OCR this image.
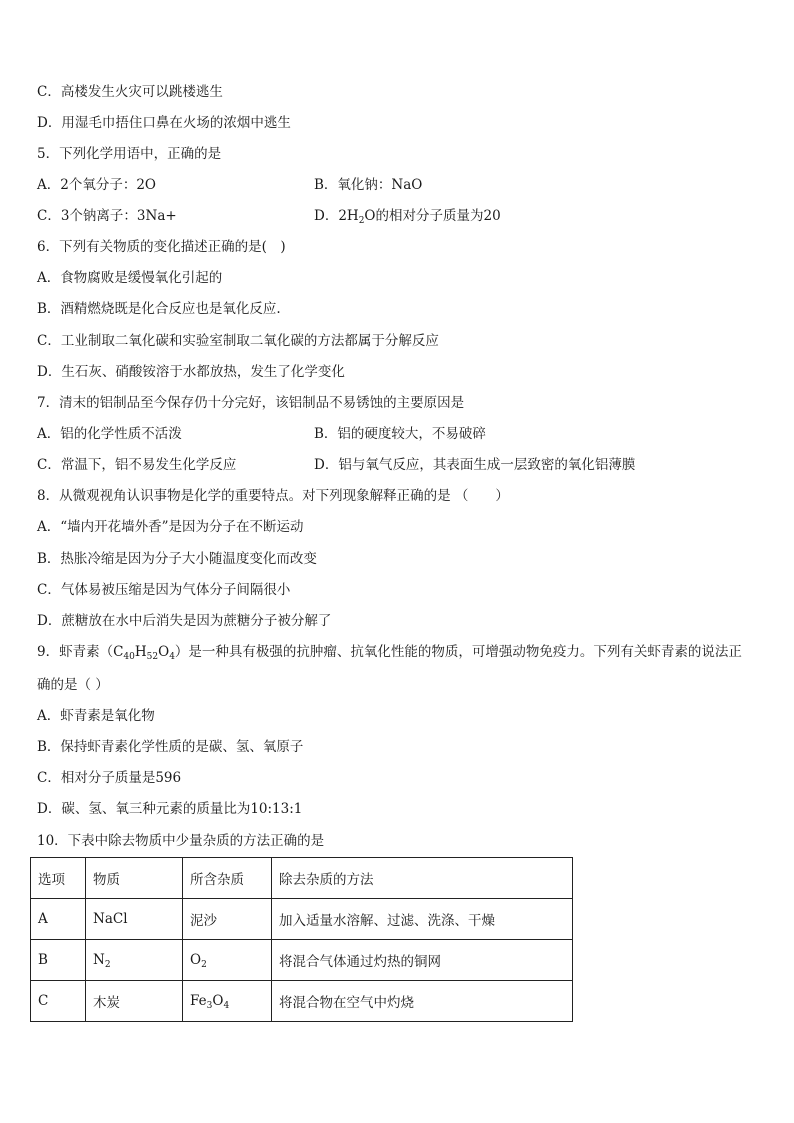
C．高楼发生火灾可以跳楼逃生
D．用湿毛巾捂住口鼻在火场的浓烟中逃生
5．下列化学用语中，正确的是
A．2个氧分子：2O	B．氧化钠：NaO
C．3个钠离子：3Na+	D．$2H_2O$的相对分子质量为20
6．下列有关物质的变化描述正确的是(　)
A．食物腐败是缓慢氧化引起的
B．酒精燃烧既是化合反应也是氧化反应.
C．工业制取二氧化碳和实验室制取二氧化碳的方法都属于分解反应
D．生石灰、硝酸铵溶于水都放热，发生了化学变化
7．清末的铝制品至今保存仍十分完好，该铝制品不易锈蚀的主要原因是
A．铝的化学性质不活泼	B．铝的硬度较大，不易破碎
C．常温下，铝不易发生化学反应	D．铝与氧气反应，其表面生成一层致密的氧化铝薄膜
8．从微观视角认识事物是化学的重要特点。对下列现象解释正确的是 （　　）
A．“墙内开花墙外香”是因为分子在不断运动
B．热胀冷缩是因为分子大小随温度变化而改变
C．气体易被压缩是因为气体分子间隔很小
D．蔗糖放在水中后消失是因为蔗糖分子被分解了
9．虾青素$(C_{40}H_{52}O_4)$是一种具有极强的抗肿瘤、抗氧化性能的物质，可增强动物免疫力。下列有关虾青素的说法正
确的是（ ）
A．虾青素是氧化物
B．保持虾青素化学性质的是碳、氢、氧原子
C．相对分子质量是596
D．碳、氢、氧三种元素的质量比为10:13:1
10．下表中除去物质中少量杂质的方法正确的是
选项	物质	所含杂质	除去杂质的方法
A	NaCl	泥沙	加入适量水溶解、过滤、洗涤、干燥
B	$N_2$	$O_2$	将混合气体通过灼热的铜网
C	木炭	$Fe_3O_4$	将混合物在空气中灼烧
